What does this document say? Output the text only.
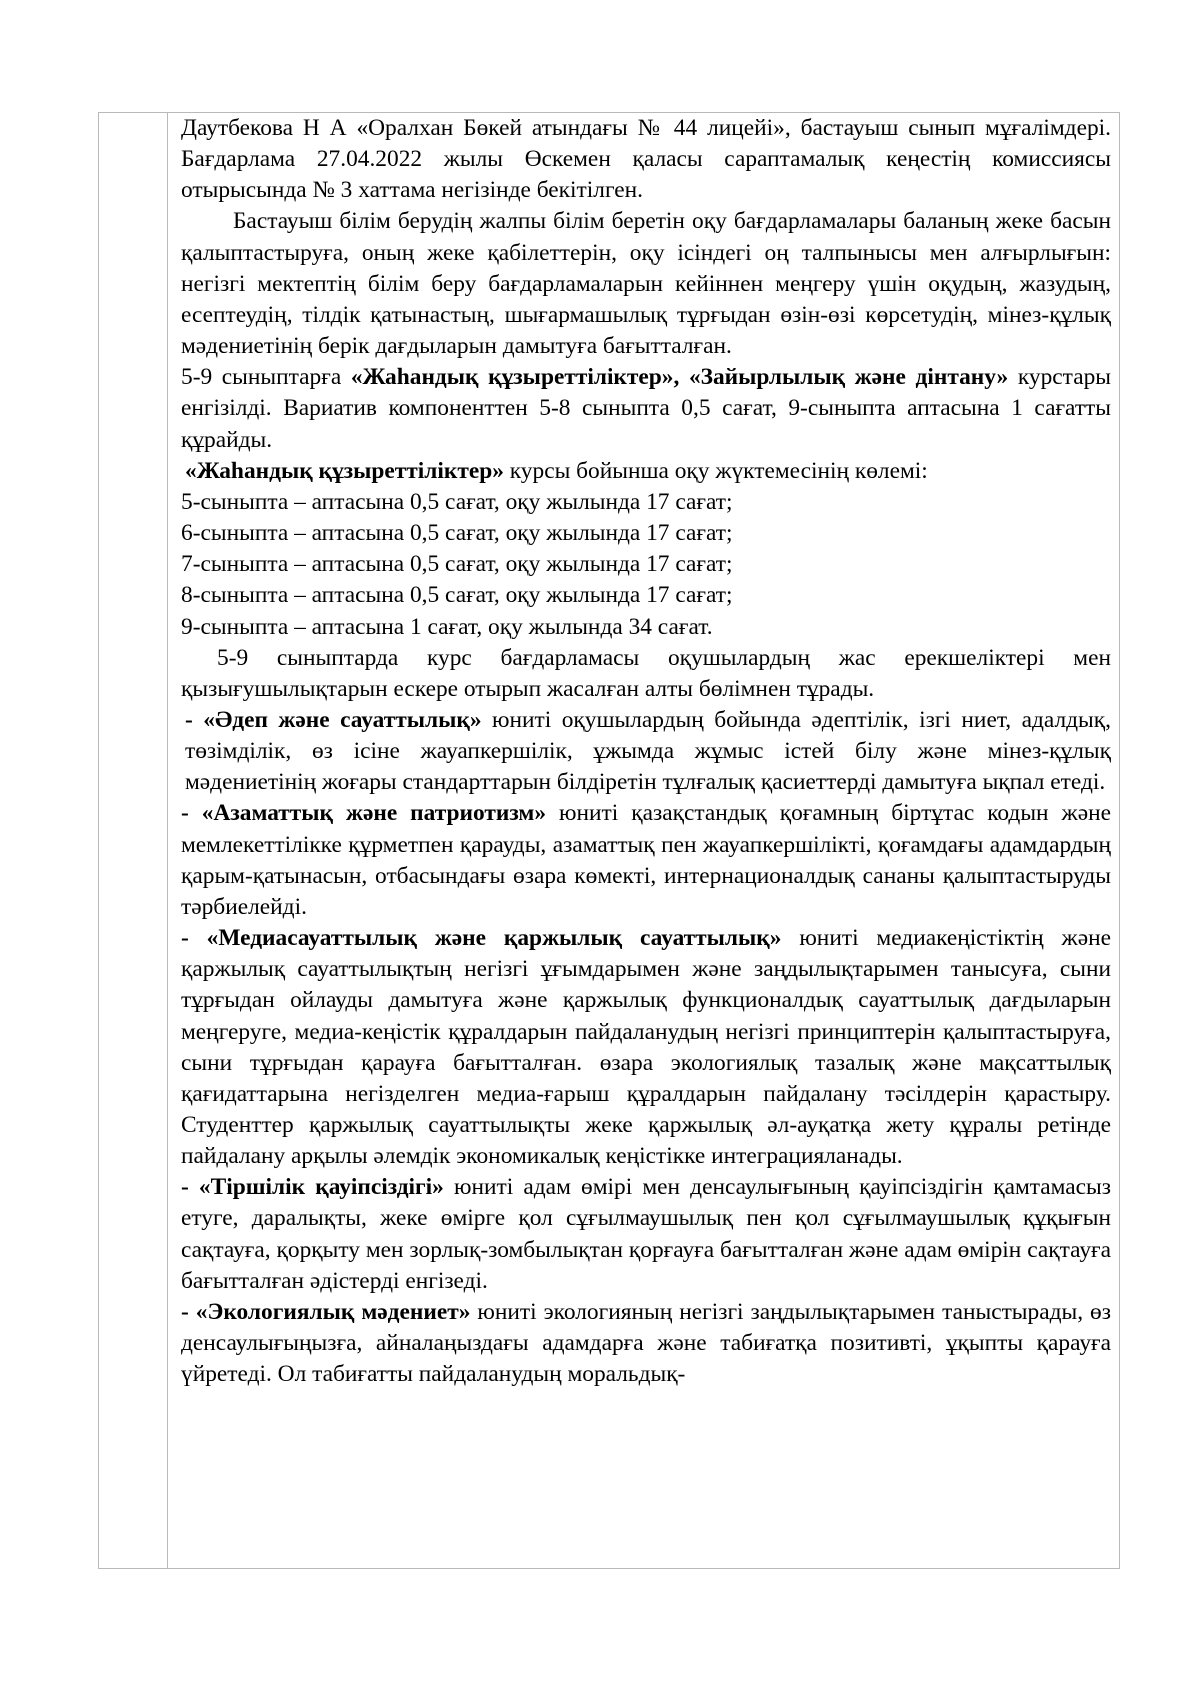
Даутбекова Н А «Оралхан Бөкей атындағы № 44 лицейі», бастауыш сынып мұғалімдері. Бағдарлама 27.04.2022 жылы Өскемен қаласы сараптамалық кеңестің комиссиясы отырысында № 3 хаттама негізінде бекітілген.

Бастауыш білім берудің жалпы білім беретін оқу бағдарламалары баланың жеке басын қалыптастыруға, оның жеке қабілеттерін, оқу ісіндегі оң талпынысы мен алғырлығын: негізгі мектептің білім беру бағдарламаларын кейіннен меңгеру үшін оқудың, жазудың, есептеудің, тілдік қатынастың, шығармашылық тұрғыдан өзін-өзі көрсетудің, мінез-құлық мәдениетінің берік дағдыларын дамытуға бағытталған.

5-9 сыныптарға «Жаһандық құзыреттіліктер», «Зайырлылық және дінтану» курстары енгізілді. Вариатив компоненттен 5-8 сыныпта 0,5 сағат, 9-сыныпта аптасына 1 сағатты құрайды.

«Жаһандық құзыреттіліктер» курсы бойынша оқу жүктемесінің көлемі:

5-сыныпта – аптасына 0,5 сағат, оқу жылында 17 сағат;

6-сыныпта – аптасына 0,5 сағат, оқу жылында 17 сағат;

7-сыныпта – аптасына 0,5 сағат, оқу жылында 17 сағат;

8-сыныпта – аптасына 0,5 сағат, оқу жылында 17 сағат;

9-сыныпта – аптасына 1 сағат, оқу жылында 34 сағат.

5-9 сыныптарда курс бағдарламасы оқушылардың жас ерекшеліктері мен қызығушылықтарын ескере отырып жасалған алты бөлімнен тұрады.

- «Әдеп және сауаттылық» юниті оқушылардың бойында әдептілік, ізгі ниет, адалдық, төзімділік, өз ісіне жауапкершілік, ұжымда жұмыс істей білу және мінез-құлық мәдениетінің жоғары стандарттарын білдіретін тұлғалық қасиеттерді дамытуға ықпал етеді.

- «Азаматтық және патриотизм» юниті қазақстандық қоғамның біртұтас кодын және мемлекеттілікке құрметпен қарауды, азаматтық пен жауапкершілікті, қоғамдағы адамдардың қарым-қатынасын, отбасындағы өзара көмекті, интернационалдық сананы қалыптастыруды тәрбиелейді.

- «Медиасауаттылық және қаржылық сауаттылық» юниті медиакеңістіктің және қаржылық сауаттылықтың негізгі ұғымдарымен және заңдылықтарымен танысуға, сыни тұрғыдан ойлауды дамытуға және қаржылық функционалдық сауаттылық дағдыларын меңгеруге, медиа-кеңістік құралдарын пайдаланудың негізгі принциптерін қалыптастыруға, сыни тұрғыдан қарауға бағытталған. өзара экологиялық тазалық және мақсаттылық қағидаттарына негізделген медиа-ғарыш құралдарын пайдалану тәсілдерін қарастыру. Студенттер қаржылық сауаттылықты жеке қаржылық әл-ауқатқа жету құралы ретінде пайдалану арқылы әлемдік экономикалық кеңістікке интеграцияланады.

- «Тіршілік қауіпсіздігі» юниті адам өмірі мен денсаулығының қауіпсіздігін қамтамасыз етуге, даралықты, жеке өмірге қол сұғылмаушылық пен қол сұғылмаушылық құқығын сақтауға, қорқыту мен зорлық-зомбылықтан қорғауға бағытталған және адам өмірін сақтауға бағытталған әдістерді енгізеді.

- «Экологиялық мәдениет» юниті экологияның негізгі заңдылықтарымен таныстырады, өз денсаулығыңызға, айналаңыздағы адамдарға және табиғатқа позитивті, ұқыпты қарауға үйретеді. Ол табиғатты пайдаланудың моральдық-
